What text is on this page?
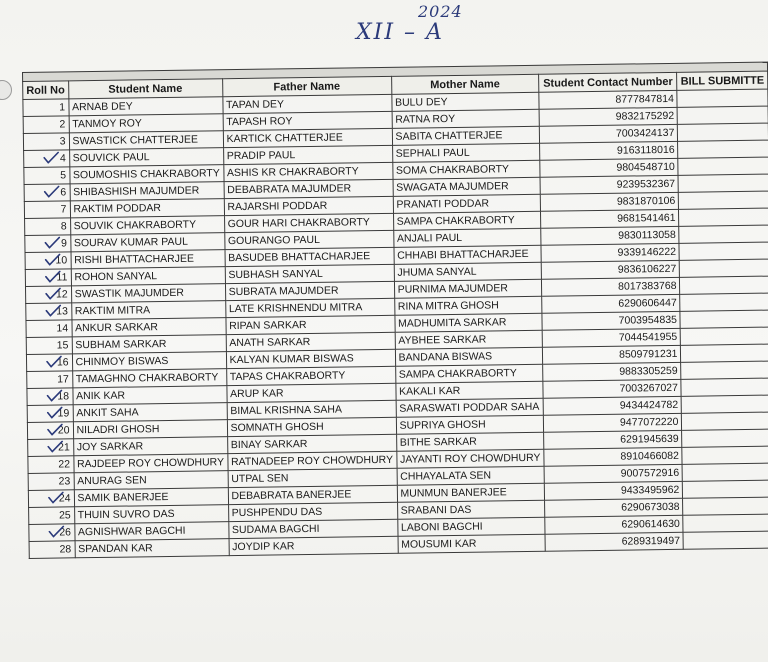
2024
XII – A
Roll No	Student Name	Father Name	Mother Name	Student Contact Number	BILL SUBMITTE
1	ARNAB DEY	TAPAN DEY	BULU DEY	8777847814	
2	TANMOY ROY	TAPASH ROY	RATNA ROY	9832175292	
3	SWASTICK CHATTERJEE	KARTICK CHATTERJEE	SABITA CHATTERJEE	7003424137	
4	SOUVICK PAUL	PRADIP PAUL	SEPHALI PAUL	9163118016	
5	SOUMOSHIS CHAKRABORTY	ASHIS KR CHAKRABORTY	SOMA CHAKRABORTY	9804548710	
6	SHIBASHISH MAJUMDER	DEBABRATA MAJUMDER	SWAGATA MAJUMDER	9239532367	
7	RAKTIM PODDAR	RAJARSHI PODDAR	PRANATI PODDAR	9831870106	
8	SOUVIK CHAKRABORTY	GOUR HARI CHAKRABORTY	SAMPA CHAKRABORTY	9681541461	
9	SOURAV KUMAR PAUL	GOURANGO PAUL	ANJALI PAUL	9830113058	
10	RISHI BHATTACHARJEE	BASUDEB BHATTACHARJEE	CHHABI BHATTACHARJEE	9339146222	
11	ROHON SANYAL	SUBHASH SANYAL	JHUMA SANYAL	9836106227	
12	SWASTIK MAJUMDER	SUBRATA MAJUMDER	PURNIMA MAJUMDER	8017383768	
13	RAKTIM MITRA	LATE KRISHNENDU MITRA	RINA MITRA GHOSH	6290606447	
14	ANKUR SARKAR	RIPAN SARKAR	MADHUMITA SARKAR	7003954835	
15	SUBHAM SARKAR	ANATH SARKAR	AYBHEE SARKAR	7044541955	
16	CHINMOY BISWAS	KALYAN KUMAR BISWAS	BANDANA BISWAS	8509791231	
17	TAMAGHNO CHAKRABORTY	TAPAS CHAKRABORTY	SAMPA CHAKRABORTY	9883305259	
18	ANIK KAR	ARUP KAR	KAKALI KAR	7003267027	
19	ANKIT SAHA	BIMAL KRISHNA SAHA	SARASWATI PODDAR SAHA	9434424782	
20	NILADRI GHOSH	SOMNATH GHOSH	SUPRIYA GHOSH	9477072220	
21	JOY SARKAR	BINAY SARKAR	BITHE SARKAR	6291945639	
22	RAJDEEP ROY CHOWDHURY	RATNADEEP ROY CHOWDHURY	JAYANTI ROY CHOWDHURY	8910466082	
23	ANURAG SEN	UTPAL SEN	CHHAYALATA SEN	9007572916	
24	SAMIK BANERJEE	DEBABRATA BANERJEE	MUNMUN BANERJEE	9433495962	
25	THUIN SUVRO DAS	PUSHPENDU DAS	SRABANI DAS	6290673038	
26	AGNISHWAR BAGCHI	SUDAMA BAGCHI	LABONI BAGCHI	6290614630	
28	SPANDAN KAR	JOYDIP KAR	MOUSUMI KAR	6289319497	
